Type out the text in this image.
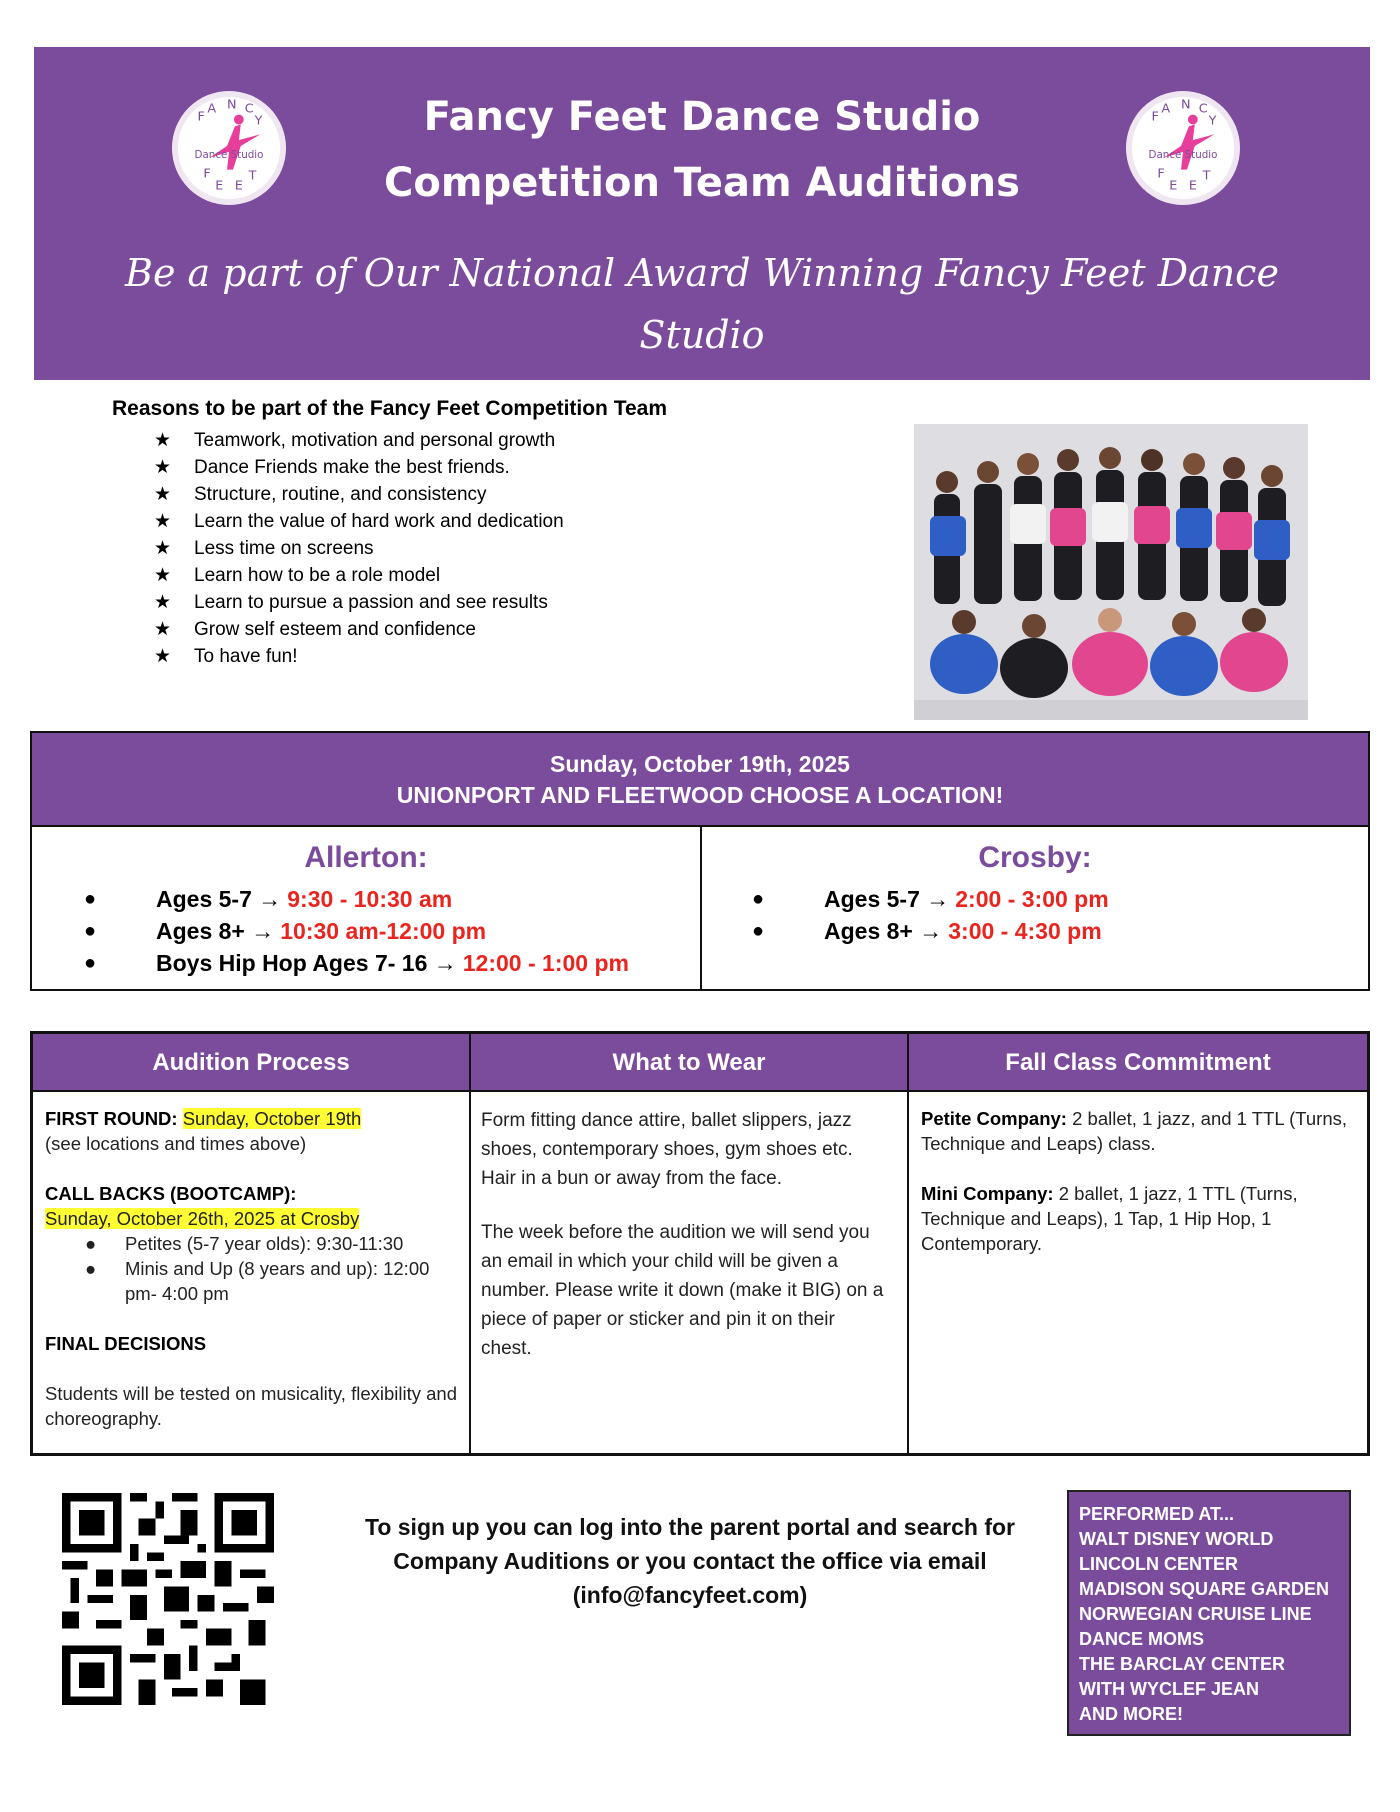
F
A N C
Y
Dance Studio
F
E E
T
Fancy Feet Dance Studio
Competition Team Auditions
F
A N C
Y
Dance Studio
F
E E
T
Be a part of Our National Award Winning Fancy Feet Dance Studio
Competition Team!
Reasons to be part of the Fancy Feet Competition Team
★	Teamwork, motivation and personal growth
★	Dance Friends make the best friends.
★	Structure, routine, and consistency
★	Learn the value of hard work and dedication
★	Less time on screens
★	Learn how to be a role model
★	Learn to pursue a passion and see results
★	Grow self esteem and confidence
★	To have fun!
Sunday, October 19th, 2025
UNIONPORT AND FLEETWOOD CHOOSE A LOCATION!
Allerton:
●	Ages 5-7 → 9:30 - 10:30 am
●	Ages 8+ → 10:30 am-12:00 pm
●	Boys Hip Hop Ages 7- 16 → 12:00 - 1:00 pm
Crosby:
●	Ages 5-7 → 2:00 - 3:00 pm
●	Ages 8+ → 3:00 - 4:30 pm
Audition Process
FIRST ROUND: Sunday, October 19th
(see locations and times above)
CALL BACKS (BOOTCAMP):
Sunday, October 26th, 2025 at Crosby
●	Petites (5-7 year olds): 9:30-11:30
●	Minis and Up (8 years and up): 12:00 pm- 4:00 pm
FINAL DECISIONS
Students will be tested on musicality, flexibility and choreography.
What to Wear
Form fitting dance attire, ballet slippers, jazz shoes, contemporary shoes, gym shoes etc. Hair in a bun or away from the face.
The week before the audition we will send you an email in which your child will be given a number. Please write it down (make it BIG) on a piece of paper or sticker and pin it on their chest.
Fall Class Commitment
Petite Company: 2 ballet, 1 jazz, and 1 TTL (Turns, Technique and Leaps) class.
Mini Company: 2 ballet, 1 jazz, 1 TTL (Turns, Technique and Leaps), 1 Tap, 1 Hip Hop, 1 Contemporary.
To sign up you can log into the parent portal and search for
Company Auditions or you contact the office via email
(info@fancyfeet.com)
PERFORMED AT...
WALT DISNEY WORLD
LINCOLN CENTER
MADISON SQUARE GARDEN
NORWEGIAN CRUISE LINE
DANCE MOMS
THE BARCLAY CENTER
WITH WYCLEF JEAN
AND MORE!
